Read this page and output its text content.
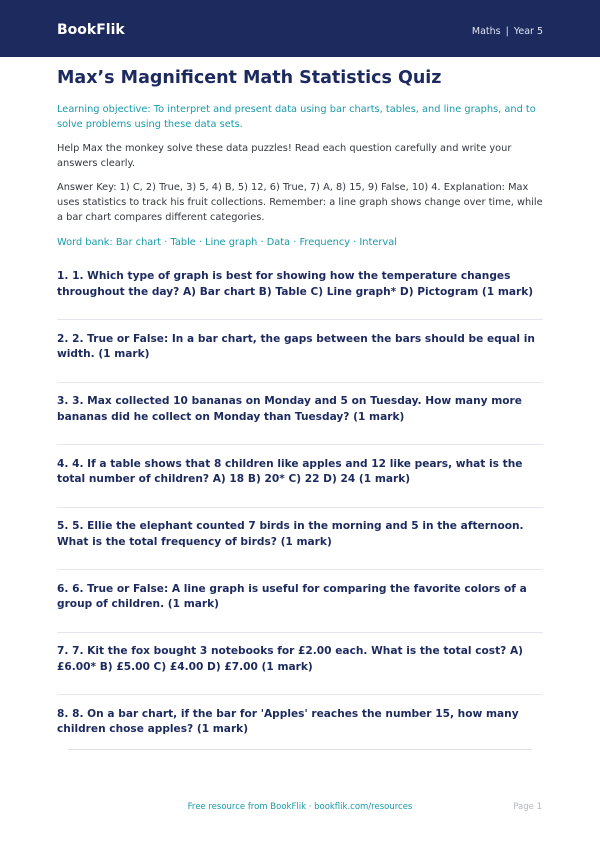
BookFlik	Maths | Year 5
Max’s Magnificent Math Statistics Quiz

Learning objective: To interpret and present data using bar charts, tables, and line graphs, and to solve problems using these data sets.

Help Max the monkey solve these data puzzles! Read each question carefully and write your answers clearly.

Answer Key: 1) C, 2) True, 3) 5, 4) B, 5) 12, 6) True, 7) A, 8) 15, 9) False, 10) 4. Explanation: Max uses statistics to track his fruit collections. Remember: a line graph shows change over time, while a bar chart compares different categories.

Word bank: Bar chart · Table · Line graph · Data · Frequency · Interval

1. 1. Which type of graph is best for showing how the temperature changes throughout the day? A) Bar chart B) Table C) Line graph* D) Pictogram (1 mark)
2. 2. True or False: In a bar chart, the gaps between the bars should be equal in width. (1 mark)
3. 3. Max collected 10 bananas on Monday and 5 on Tuesday. How many more bananas did he collect on Monday than Tuesday? (1 mark)
4. 4. If a table shows that 8 children like apples and 12 like pears, what is the total number of children? A) 18 B) 20* C) 22 D) 24 (1 mark)
5. 5. Ellie the elephant counted 7 birds in the morning and 5 in the afternoon. What is the total frequency of birds? (1 mark)
6. 6. True or False: A line graph is useful for comparing the favorite colors of a group of children. (1 mark)
7. 7. Kit the fox bought 3 notebooks for £2.00 each. What is the total cost? A) £6.00* B) £5.00 C) £4.00 D) £7.00 (1 mark)
8. 8. On a bar chart, if the bar for 'Apples' reaches the number 15, how many children chose apples? (1 mark)
Free resource from BookFlik · bookflik.com/resources	Page 1
